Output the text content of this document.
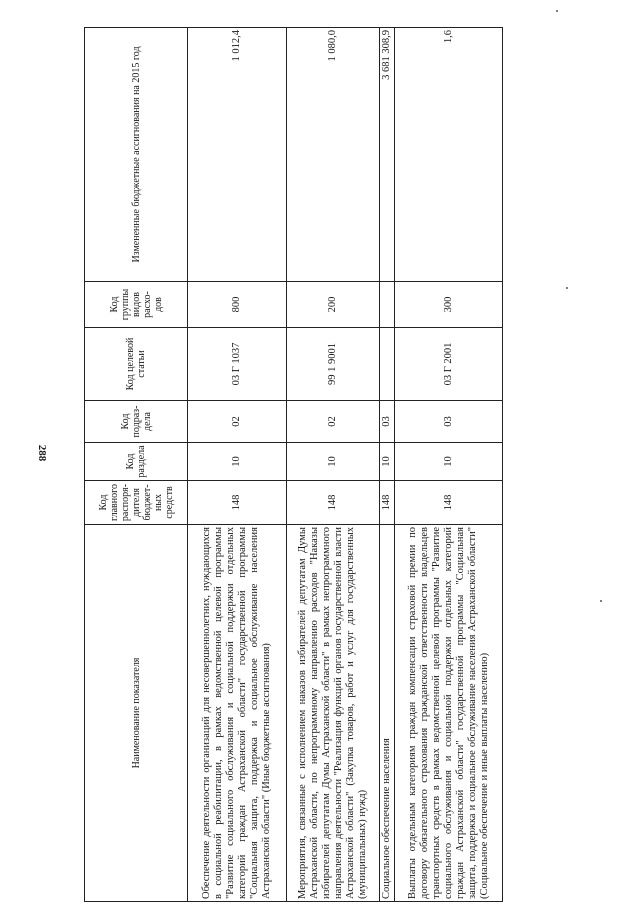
288
Наименование показателя	Код главного распоря- дителя бюджет- ных средств	Код раздела	Код подраз- дела	Код целевой статьи	Код группы видов расхо- дов	Измененные бюджетные ассигнования на 2015 год
Обеспечение деятельности организаций для несовершеннолетних, нуждающихся в социальной реабилитации, в рамках ведомственной целевой программы "Развитие социального обслуживания и социальной поддержки отдельных категорий граждан Астраханской области" государственной программы "Социальная защита, поддержка и социальное обслуживание населения Астраханской области" (Иные бюджетные ассигнования)	148	10	02	03 Г 1037	800	1 012,4
Мероприятия, связанные с исполнением наказов избирателей депутатам Думы Астраханской области, по непрограммному направлению расходов "Наказы избирателей депутатам Думы Астраханской области" в рамках непрограммного направления деятельности "Реализация функций органов государственной власти Астраханской области" (Закупка товаров, работ и услуг для государственных (муниципальных) нужд)	148	10	02	99 1 9001	200	1 080,0
Социальное обеспечение населения	148	10	03			3 681 308,9
Выплаты отдельным категориям граждан компенсации страховой премии по договору обязательного страхования гражданской ответственности владельцев транспортных средств в рамках ведомственной целевой программы "Развитие социального обслуживания и социальной поддержки отдельных категорий граждан Астраханской области" государственной программы "Социальная защита, поддержка и социальное обслуживание населения Астраханской области" (Социальное обеспечение и иные выплаты населению)	148	10	03	03 Г 2001	300	1,6
